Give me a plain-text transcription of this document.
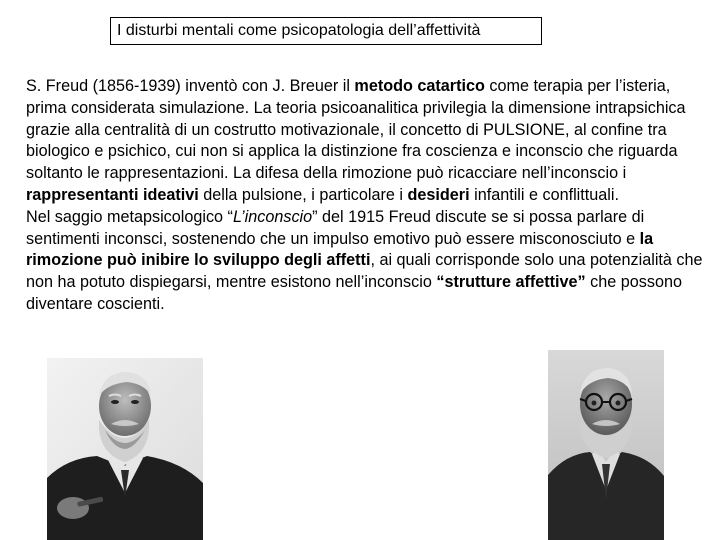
I disturbi mentali come psicopatologia dell’affettività

S. Freud (1856-1939) inventò con J. Breuer il metodo catartico come terapia per l’isteria, prima considerata simulazione. La teoria psicoanalitica privilegia la dimensione intrapsichica grazie alla centralità di un costrutto motivazionale, il concetto di PULSIONE, al confine tra biologico e psichico, cui non si applica la distinzione fra coscienza e inconscio che riguarda soltanto le rappresentazioni. La difesa della rimozione può ricacciare nell’inconscio i rappresentanti ideativi della pulsione, i particolare i desideri infantili e conflittuali.

Nel saggio metapsicologico “L’inconscio” del 1915 Freud discute se si possa parlare di sentimenti inconsci, sostenendo che un impulso emotivo può essere misconosciuto e la rimozione può inibire lo sviluppo degli affetti, ai quali corrisponde solo una potenzialità che non ha potuto dispiegarsi, mentre esistono nell’inconscio “strutture affettive” che possono diventare coscienti.
